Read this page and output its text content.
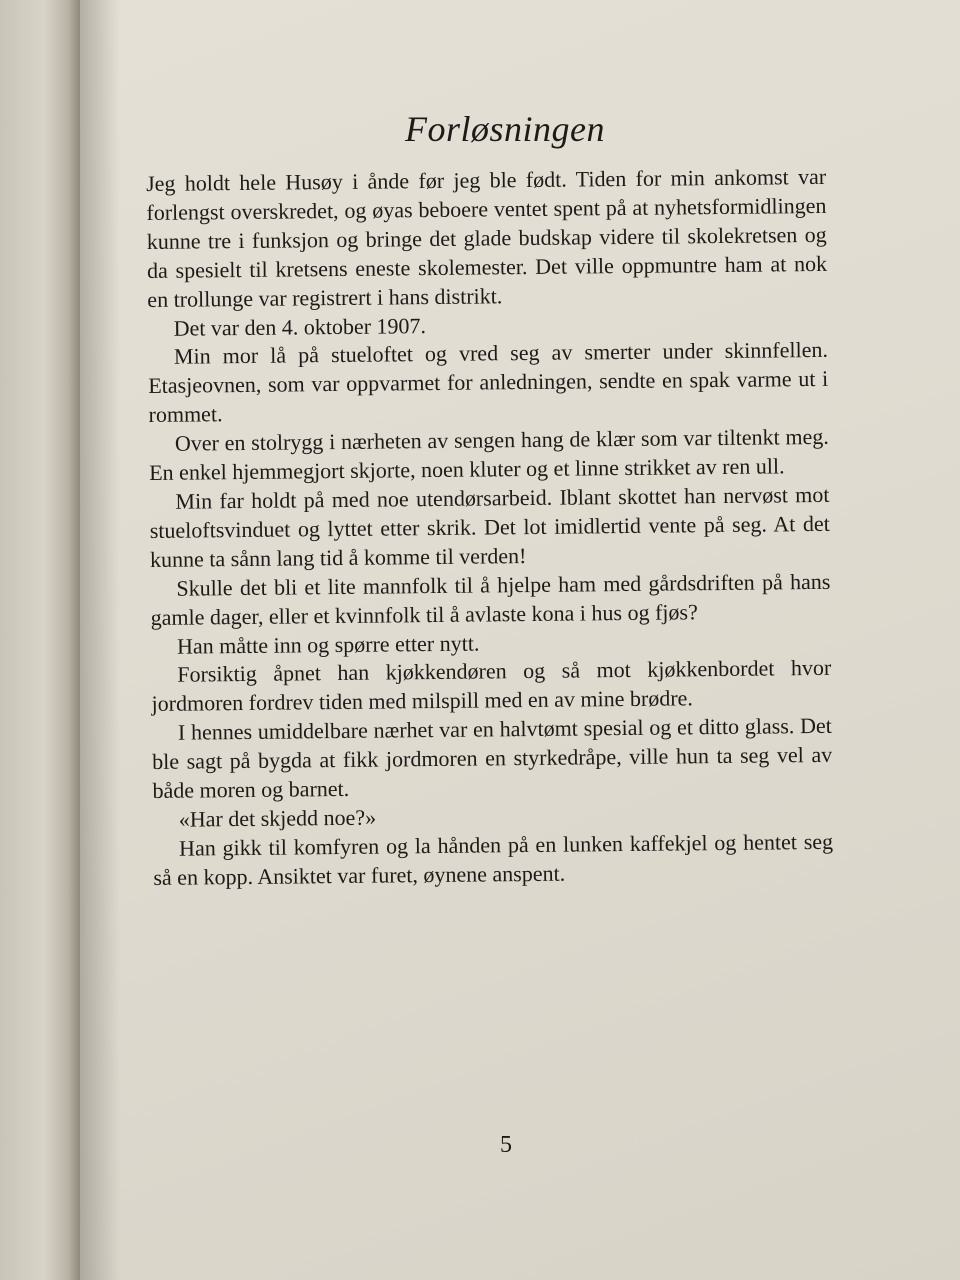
Forløsningen

Jeg holdt hele Husøy i ånde før jeg ble født. Tiden for min ankomst var forlengst overskredet, og øyas beboere ventet spent på at nyhetsformidlingen kunne tre i funksjon og bringe det glade budskap videre til skolekretsen og da spesielt til kretsens eneste skolemester. Det ville oppmuntre ham at nok en trollunge var registrert i hans distrikt.

Det var den 4. oktober 1907.

Min mor lå på stueloftet og vred seg av smerter under skinnfellen. Etasjeovnen, som var oppvarmet for anledningen, sendte en spak varme ut i rommet.

Over en stolrygg i nærheten av sengen hang de klær som var tiltenkt meg. En enkel hjemmegjort skjorte, noen kluter og et linne strikket av ren ull.

Min far holdt på med noe utendørsarbeid. Iblant skottet han nervøst mot stueloftsvinduet og lyttet etter skrik. Det lot imidlertid vente på seg. At det kunne ta sånn lang tid å komme til verden!

Skulle det bli et lite mannfolk til å hjelpe ham med gårdsdriften på hans gamle dager, eller et kvinnfolk til å avlaste kona i hus og fjøs?

Han måtte inn og spørre etter nytt.

Forsiktig åpnet han kjøkkendøren og så mot kjøkkenbordet hvor jordmoren fordrev tiden med milspill med en av mine brødre.

I hennes umiddelbare nærhet var en halvtømt spesial og et ditto glass. Det ble sagt på bygda at fikk jordmoren en styrkedråpe, ville hun ta seg vel av både moren og barnet.

«Har det skjedd noe?»

Han gikk til komfyren og la hånden på en lunken kaffekjel og hentet seg så en kopp. Ansiktet var furet, øynene anspent.

5
